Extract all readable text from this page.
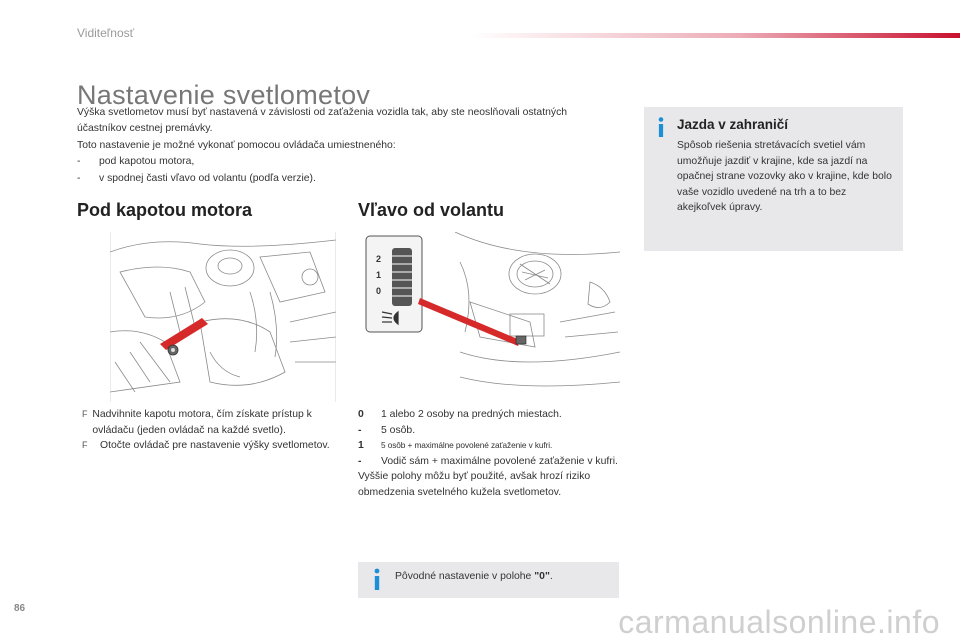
Viditeľnosť
Nastavenie svetlometov

Výška svetlometov musí byť nastavená v závislosti od zaťaženia vozidla tak, aby ste neoslňovali ostatných účastníkov cestnej premávky.

Toto nastavenie je možné vykonať pomocou ovládača umiestneného:

-	pod kapotou motora,
-	v spodnej časti vľavo od volantu (podľa verzie).
Pod kapotou motora	Vľavo od volantu
2
1
0
F Nadvihnite kapotu motora, čím získate prístup k ovládaču (jeden ovládač na každé svetlo).
F	Otočte ovládač pre nastavenie výšky svetlometov.
0	1 alebo 2 osoby na predných miestach.
-	5 osôb.
1	5 osôb + maximálne povolené zaťaženie v kufri.
-	Vodič sám + maximálne povolené zaťaženie v kufri.
Vyššie polohy môžu byť použité, avšak hrozí riziko obmedzenia svetelného kužela svetlometov.
Pôvodné nastavenie v polohe "0".
Jazda v zahraničí
Spôsob riešenia stretávacích svetiel vám umožňuje jazdiť v krajine, kde sa jazdí na opačnej strane vozovky ako v krajine, kde bolo vaše vozidlo uvedené na trh a to bez akejkoľvek úpravy.
86	carmanualsonline.info
